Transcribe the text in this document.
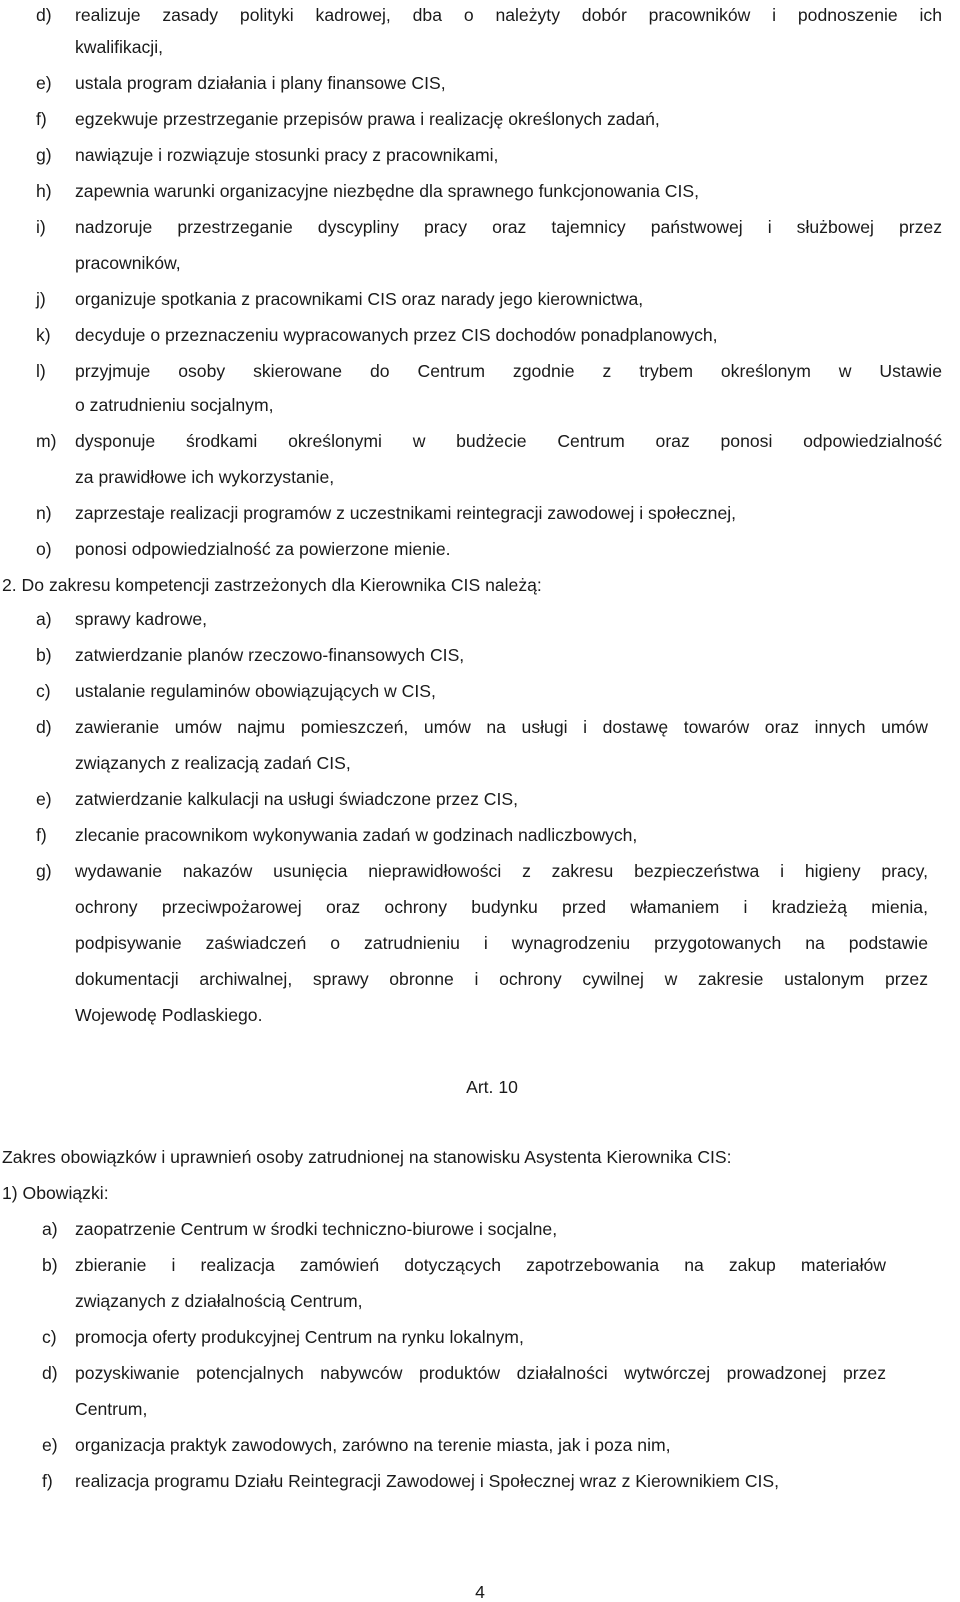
d) realizuje zasady polityki kadrowej, dba o należyty dobór pracowników i podnoszenie ich
kwalifikacji,
e) ustala program działania i plany finansowe CIS,
f) egzekwuje przestrzeganie przepisów prawa i realizację określonych zadań,
g) nawiązuje i rozwiązuje stosunki pracy z pracownikami,
h) zapewnia warunki organizacyjne niezbędne dla sprawnego funkcjonowania CIS,
i) nadzoruje przestrzeganie dyscypliny pracy oraz tajemnicy państwowej i służbowej przez
pracowników,
j) organizuje spotkania z pracownikami CIS oraz narady jego kierownictwa,
k) decyduje o przeznaczeniu wypracowanych przez CIS dochodów ponadplanowych,
l) przyjmuje osoby skierowane do Centrum zgodnie z trybem określonym w Ustawie
o zatrudnieniu socjalnym,
m) dysponuje środkami określonymi w budżecie Centrum oraz ponosi odpowiedzialność
za prawidłowe ich wykorzystanie,
n) zaprzestaje realizacji programów z uczestnikami reintegracji zawodowej i społecznej,
o) ponosi odpowiedzialność za powierzone mienie.
2. Do zakresu kompetencji zastrzeżonych dla Kierownika CIS należą:
a) sprawy kadrowe,
b) zatwierdzanie planów rzeczowo-finansowych CIS,
c) ustalanie regulaminów obowiązujących w CIS,
d) zawieranie umów najmu pomieszczeń, umów na usługi i dostawę towarów oraz innych umów
związanych z realizacją zadań CIS,
e) zatwierdzanie kalkulacji na usługi świadczone przez CIS,
f) zlecanie pracownikom wykonywania zadań w godzinach nadliczbowych,
g) wydawanie nakazów usunięcia nieprawidłowości z zakresu bezpieczeństwa i higieny pracy,
ochrony przeciwpożarowej oraz ochrony budynku przed włamaniem i kradzieżą mienia,
podpisywanie zaświadczeń o zatrudnieniu i wynagrodzeniu przygotowanych na podstawie
dokumentacji archiwalnej, sprawy obronne i ochrony cywilnej w zakresie ustalonym przez
Wojewodę Podlaskiego.
Art. 10
Zakres obowiązków i uprawnień osoby zatrudnionej na stanowisku Asystenta Kierownika CIS:
1) Obowiązki:
a) zaopatrzenie Centrum w środki techniczno-biurowe i socjalne,
b) zbieranie i realizacja zamówień dotyczących zapotrzebowania na zakup materiałów
związanych z działalnością Centrum,
c) promocja oferty produkcyjnej Centrum na rynku lokalnym,
d) pozyskiwanie potencjalnych nabywców produktów działalności wytwórczej prowadzonej przez
Centrum,
e) organizacja praktyk zawodowych, zarówno na terenie miasta, jak i poza nim,
f) realizacja programu Działu Reintegracji Zawodowej i Społecznej wraz z Kierownikiem CIS,
4
